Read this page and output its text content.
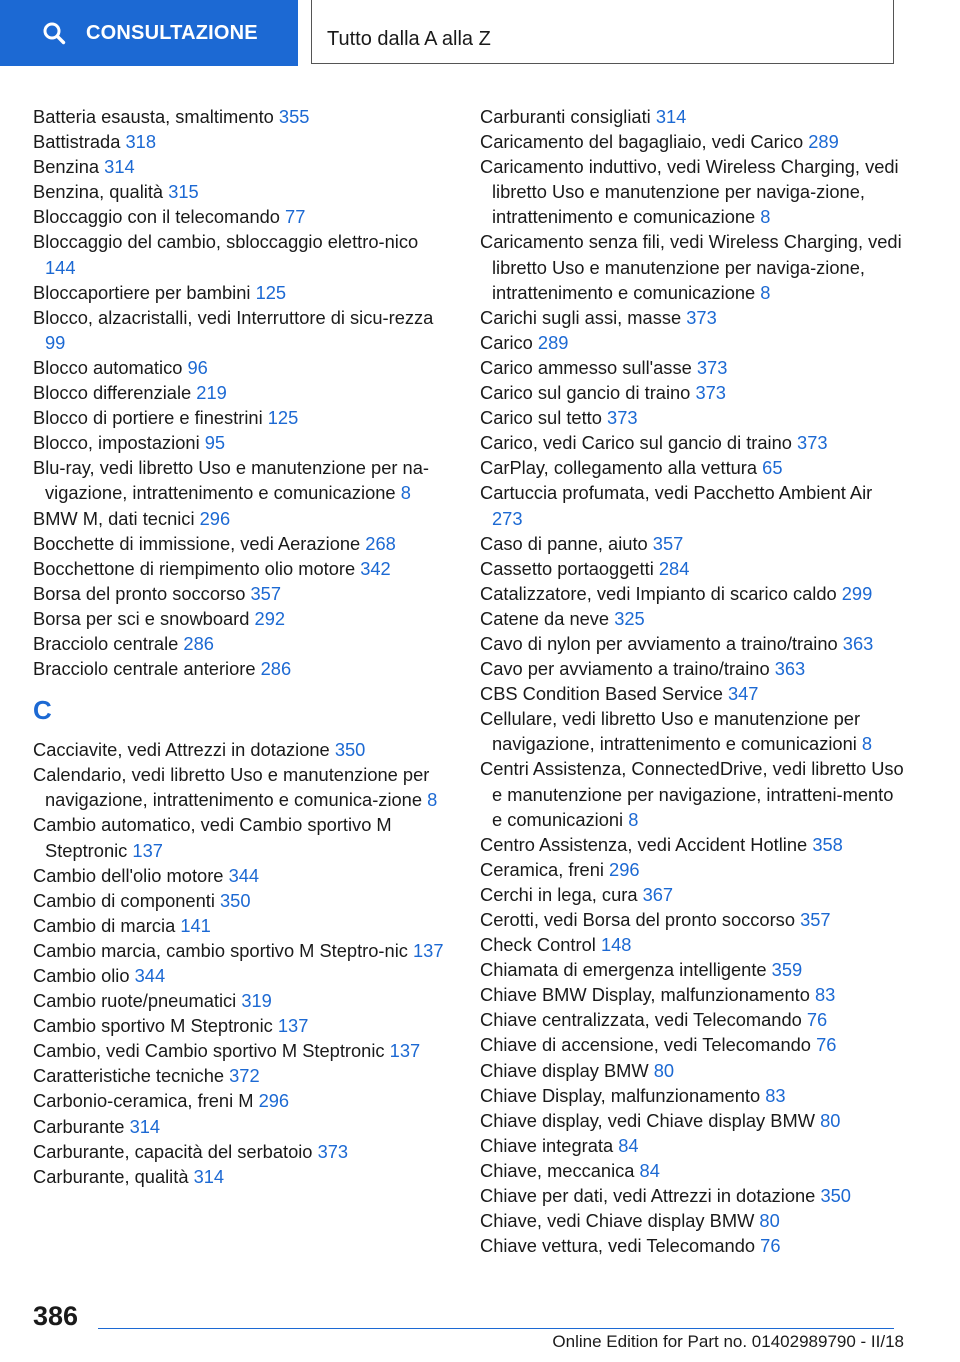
CONSULTAZIONE	Tutto dalla A alla Z
Batteria esausta, smaltimento 355
Battistrada 318
Benzina 314
Benzina, qualità 315
Bloccaggio con il telecomando 77
Bloccaggio del cambio, sbloccaggio elettro‐nico 144
Bloccaportiere per bambini 125
Blocco, alzacristalli, vedi Interruttore di sicu‐rezza 99
Blocco automatico 96
Blocco differenziale 219
Blocco di portiere e finestrini 125
Blocco, impostazioni 95
Blu-ray, vedi libretto Uso e manutenzione per na‐vigazione, intrattenimento e comunicazione 8
BMW M, dati tecnici 296
Bocchette di immissione, vedi Aerazione 268
Bocchettone di riempimento olio motore 342
Borsa del pronto soccorso 357
Borsa per sci e snowboard 292
Bracciolo centrale 286
Bracciolo centrale anteriore 286
C
Cacciavite, vedi Attrezzi in dotazione 350
Calendario, vedi libretto Uso e manutenzione per navigazione, intrattenimento e comunica‐zione 8
Cambio automatico, vedi Cambio sportivo M Steptronic 137
Cambio dell'olio motore 344
Cambio di componenti 350
Cambio di marcia 141
Cambio marcia, cambio sportivo M Steptro‐nic 137
Cambio olio 344
Cambio ruote/pneumatici 319
Cambio sportivo M Steptronic 137
Cambio, vedi Cambio sportivo M Steptronic 137
Caratteristiche tecniche 372
Carbonio-ceramica, freni M 296
Carburante 314
Carburante, capacità del serbatoio 373
Carburante, qualità 314
Carburanti consigliati 314
Caricamento del bagagliaio, vedi Carico 289
Caricamento induttivo, vedi Wireless Charging, vedi libretto Uso e manutenzione per naviga‐zione, intrattenimento e comunicazione 8
Caricamento senza fili, vedi Wireless Charging, vedi libretto Uso e manutenzione per naviga‐zione, intrattenimento e comunicazione 8
Carichi sugli assi, masse 373
Carico 289
Carico ammesso sull'asse 373
Carico sul gancio di traino 373
Carico sul tetto 373
Carico, vedi Carico sul gancio di traino 373
CarPlay, collegamento alla vettura 65
Cartuccia profumata, vedi Pacchetto Ambient Air 273
Caso di panne, aiuto 357
Cassetto portaoggetti 284
Catalizzatore, vedi Impianto di scarico caldo 299
Catene da neve 325
Cavo di nylon per avviamento a traino/traino 363
Cavo per avviamento a traino/traino 363
CBS Condition Based Service 347
Cellulare, vedi libretto Uso e manutenzione per navigazione, intrattenimento e comunicazioni 8
Centri Assistenza, ConnectedDrive, vedi libretto Uso e manutenzione per navigazione, intratteni‐mento e comunicazioni 8
Centro Assistenza, vedi Accident Hotline 358
Ceramica, freni 296
Cerchi in lega, cura 367
Cerotti, vedi Borsa del pronto soccorso 357
Check Control 148
Chiamata di emergenza intelligente 359
Chiave BMW Display, malfunzionamento 83
Chiave centralizzata, vedi Telecomando 76
Chiave di accensione, vedi Telecomando 76
Chiave display BMW 80
Chiave Display, malfunzionamento 83
Chiave display, vedi Chiave display BMW 80
Chiave integrata 84
Chiave, meccanica 84
Chiave per dati, vedi Attrezzi in dotazione 350
Chiave, vedi Chiave display BMW 80
Chiave vettura, vedi Telecomando 76
386
Online Edition for Part no. 01402989790 - II/18
